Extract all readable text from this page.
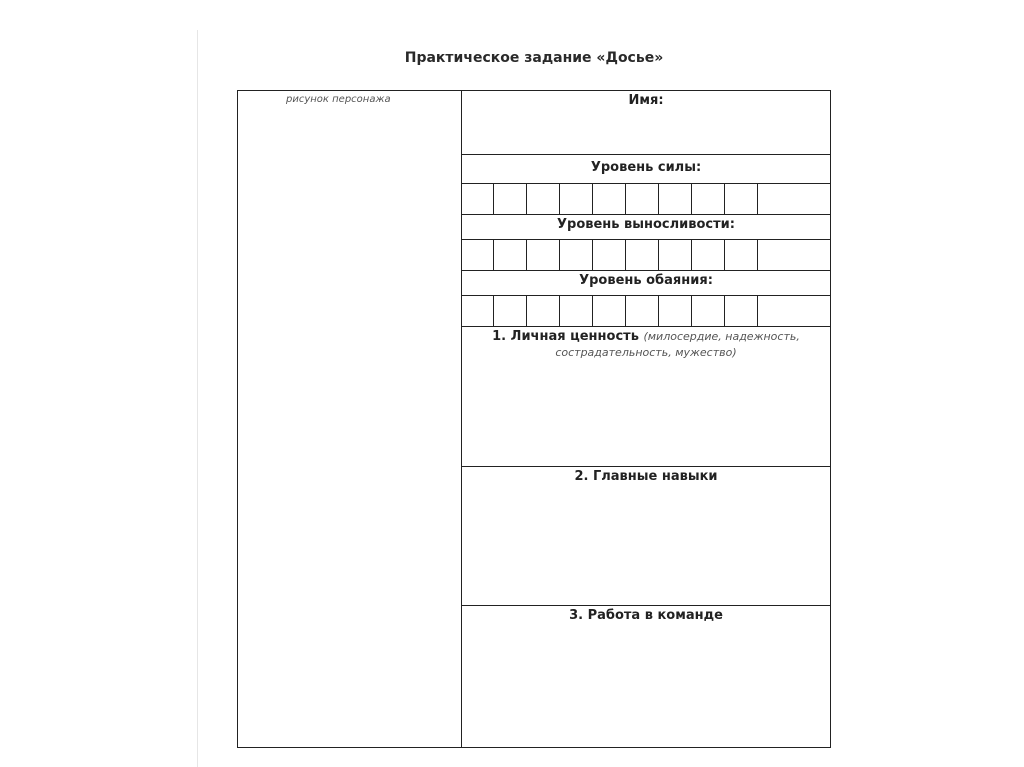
Практическое задание «Досье»
рисунок персонажа	Имя:
Уровень силы:
Уровень выносливости:
Уровень обаяния:
1. Личная ценность (милосердие, надежность,
сострадательность, мужество)
2. Главные навыки
3. Работа в команде
